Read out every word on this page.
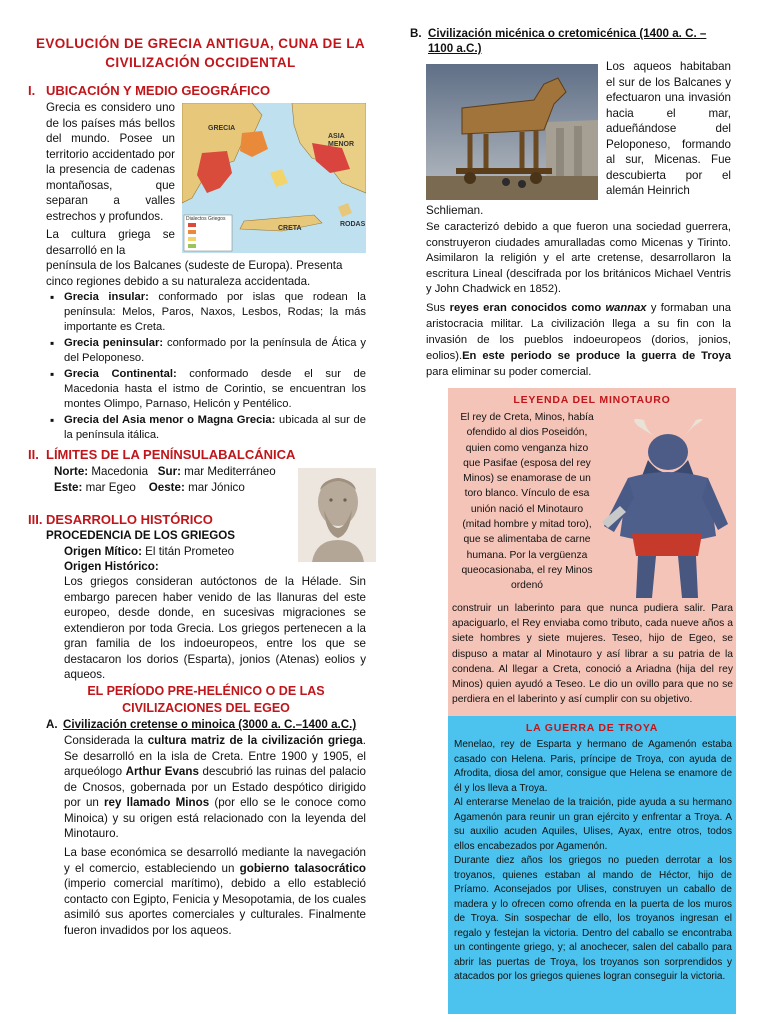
EVOLUCIÓN DE GRECIA ANTIGUA, CUNA DE LA
CIVILIZACIÓN OCCIDENTAL
I. UBICACIÓN Y MEDIO GEOGRÁFICO
GRECIA
ASIA MENOR
CRETA
RODAS
Dialectos Griegos
Grecia es considero uno de los países más bellos del mundo. Posee un territorio accidentado por la presencia de cadenas montañosas, que separan a valles estrechos y profundos.
La cultura griega se desarrolló en la
península de los Balcanes (sudeste de Europa). Presenta cinco regiones debido a su naturaleza accidentada.
▪ Grecia insular: conformado por islas que rodean la península: Melos, Paros, Naxos, Lesbos, Rodas; la más importante es Creta.
▪ Grecia peninsular: conformado por la península de Ática y del Peloponeso.
▪ Grecia Continental: conformado desde el sur de Macedonia hasta el istmo de Corintio, se encuentran los montes Olimpo, Parnaso, Helicón y Pentélico.
▪ Grecia del Asia menor o Magna Grecia: ubicada al sur de la península itálica.
II. LÍMITES DE LA PENÍNSULABALCÁNICA
Norte: Macedonia Sur: mar Mediterráneo
Este: mar Egeo Oeste: mar Jónico
III. DESARROLLO HISTÓRICO
PROCEDENCIA DE LOS GRIEGOS
Origen Mítico: El titán Prometeo
Origen Histórico:
Los griegos consideran autóctonos de la Hélade. Sin embargo parecen haber venido de las llanuras del este europeo, desde donde, en sucesivas migraciones se extendieron por toda Grecia. Los griegos pertenecen a la gran familia de los indoeuropeos, entre los que se destacaron los dorios (Esparta), jonios (Atenas) eolios y aqueos.
EL PERÍODO PRE-HELÉNICO O DE LAS
CIVILIZACIONES DEL EGEO
A. Civilización cretense o minoica (3000 a. C.–1400 a.C.)
Considerada la cultura matriz de la civilización griega. Se desarrolló en la isla de Creta. Entre 1900 y 1905, el arqueólogo Arthur Evans descubrió las ruinas del palacio de Cnosos, gobernada por un Estado despótico dirigido por un rey llamado Minos (por ello se le conoce como Minoica) y su origen está relacionado con la leyenda del Minotauro.
La base económica se desarrolló mediante la navegación y el comercio, estableciendo un gobierno talasocrático (imperio comercial marítimo), debido a ello estableció contacto con Egipto, Fenicia y Mesopotamia, de los cuales asimiló sus aportes comerciales y culturales. Finalmente fueron invadidos por los aqueos.
B. Civilización micénica o cretomicénica (1400 a. C. –
1100 a.C.)
Los aqueos habitaban el sur de los Balcanes y efectuaron una invasión hacia el mar, adueñándose del Peloponeso, formando al sur, Micenas. Fue descubierta por el alemán Heinrich
Schlieman.
Se caracterizó debido a que fueron una sociedad guerrera, construyeron ciudades amuralladas como Micenas y Tirinto. Asimilaron la religión y el arte cretense, desarrollaron la escritura Lineal (descifrada por los británicos Michael Ventris y John Chadwick en 1852).
Sus reyes eran conocidos como wannax y formaban una aristocracia militar. La civilización llega a su fin con la invasión de los pueblos indoeuropeos (dorios, jonios, eolios).En este periodo se produce la guerra de Troya para eliminar su poder comercial.
LEYENDA DEL MINOTAURO
El rey de Creta, Minos, había ofendido al dios Poseidón, quien como venganza hizo que Pasifae (esposa del rey Minos) se enamorase de un toro blanco. Vínculo de esa unión nació el Minotauro (mitad hombre y mitad toro), que se alimentaba de carne humana. Por la vergüenza queocasionaba, el rey Minos ordenó
construir un laberinto para que nunca pudiera salir. Para apaciguarlo, el Rey enviaba como tributo, cada nueve años a siete hombres y siete mujeres. Teseo, hijo de Egeo, se dispuso a matar al Minotauro y así librar a su patria de la condena. Al llegar a Creta, conoció a Ariadna (hija del rey Minos) quien ayudó a Teseo. Le dio un ovillo para que no se perdiera en el laberinto y así cumplir con su objetivo.
LA GUERRA DE TROYA

Menelao, rey de Esparta y hermano de Agamenón estaba casado con Helena. Paris, príncipe de Troya, con ayuda de Afrodita, diosa del amor, consigue que Helena se enamore de él y los lleva a Troya.

Al enterarse Menelao de la traición, pide ayuda a su hermano Agamenón para reunir un gran ejército y enfrentar a Troya. A su auxilio acuden Aquiles, Ulises, Ayax, entre otros, todos ellos encabezados por Agamenón.

Durante diez años los griegos no pueden derrotar a los troyanos, quienes estaban al mando de Héctor, hijo de Príamo. Aconsejados por Ulises, construyen un caballo de madera y lo ofrecen como ofrenda en la puerta de los muros de Troya. Sin sospechar de ello, los troyanos ingresan el regalo y festejan la victoria. Dentro del caballo se encontraba un contingente griego, y; al anochecer, salen del caballo para abrir las puertas de Troya, los troyanos son sorprendidos y atacados por los griegos quienes logran conseguir la victoria.
